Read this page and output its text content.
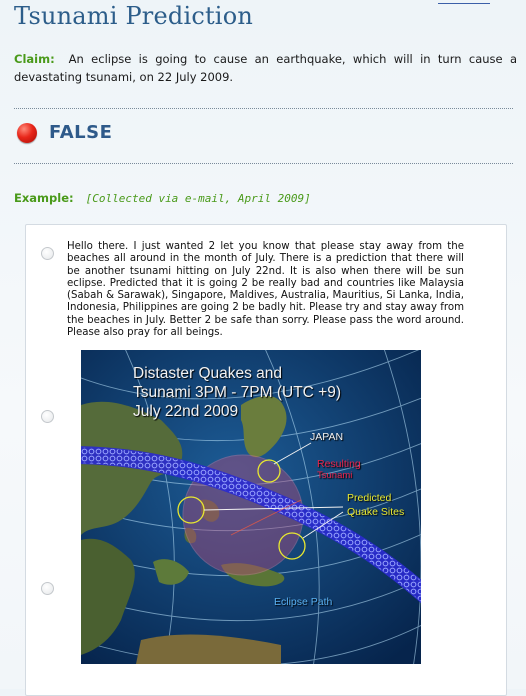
Tsunami Prediction
Claim: An eclipse is going to cause an earthquake, which will in turn cause a devastating tsunami, on 22 July 2009.
FALSE
Example: [Collected via e-mail, April 2009]

Hello there. I just wanted 2 let you know that please stay away from the beaches all around in the month of July. There is a prediction that there will be another tsunami hitting on July 22nd. It is also when there will be sun eclipse. Predicted that it is going 2 be really bad and countries like Malaysia (Sabah & Sarawak), Singapore, Maldives, Australia, Mauritius, Si Lanka, India, Indonesia, Philippines are going 2 be badly hit. Please try and stay away from the beaches in July. Better 2 be safe than sorry. Please pass the word around. Please also pray for all beings.

Distaster Quakes and
Tsunami 3PM - 7PM (UTC +9)
July 22nd 2009

JAPAN
Resulting
Tsunami
Predicted
Quake Sites
Eclipse Path
